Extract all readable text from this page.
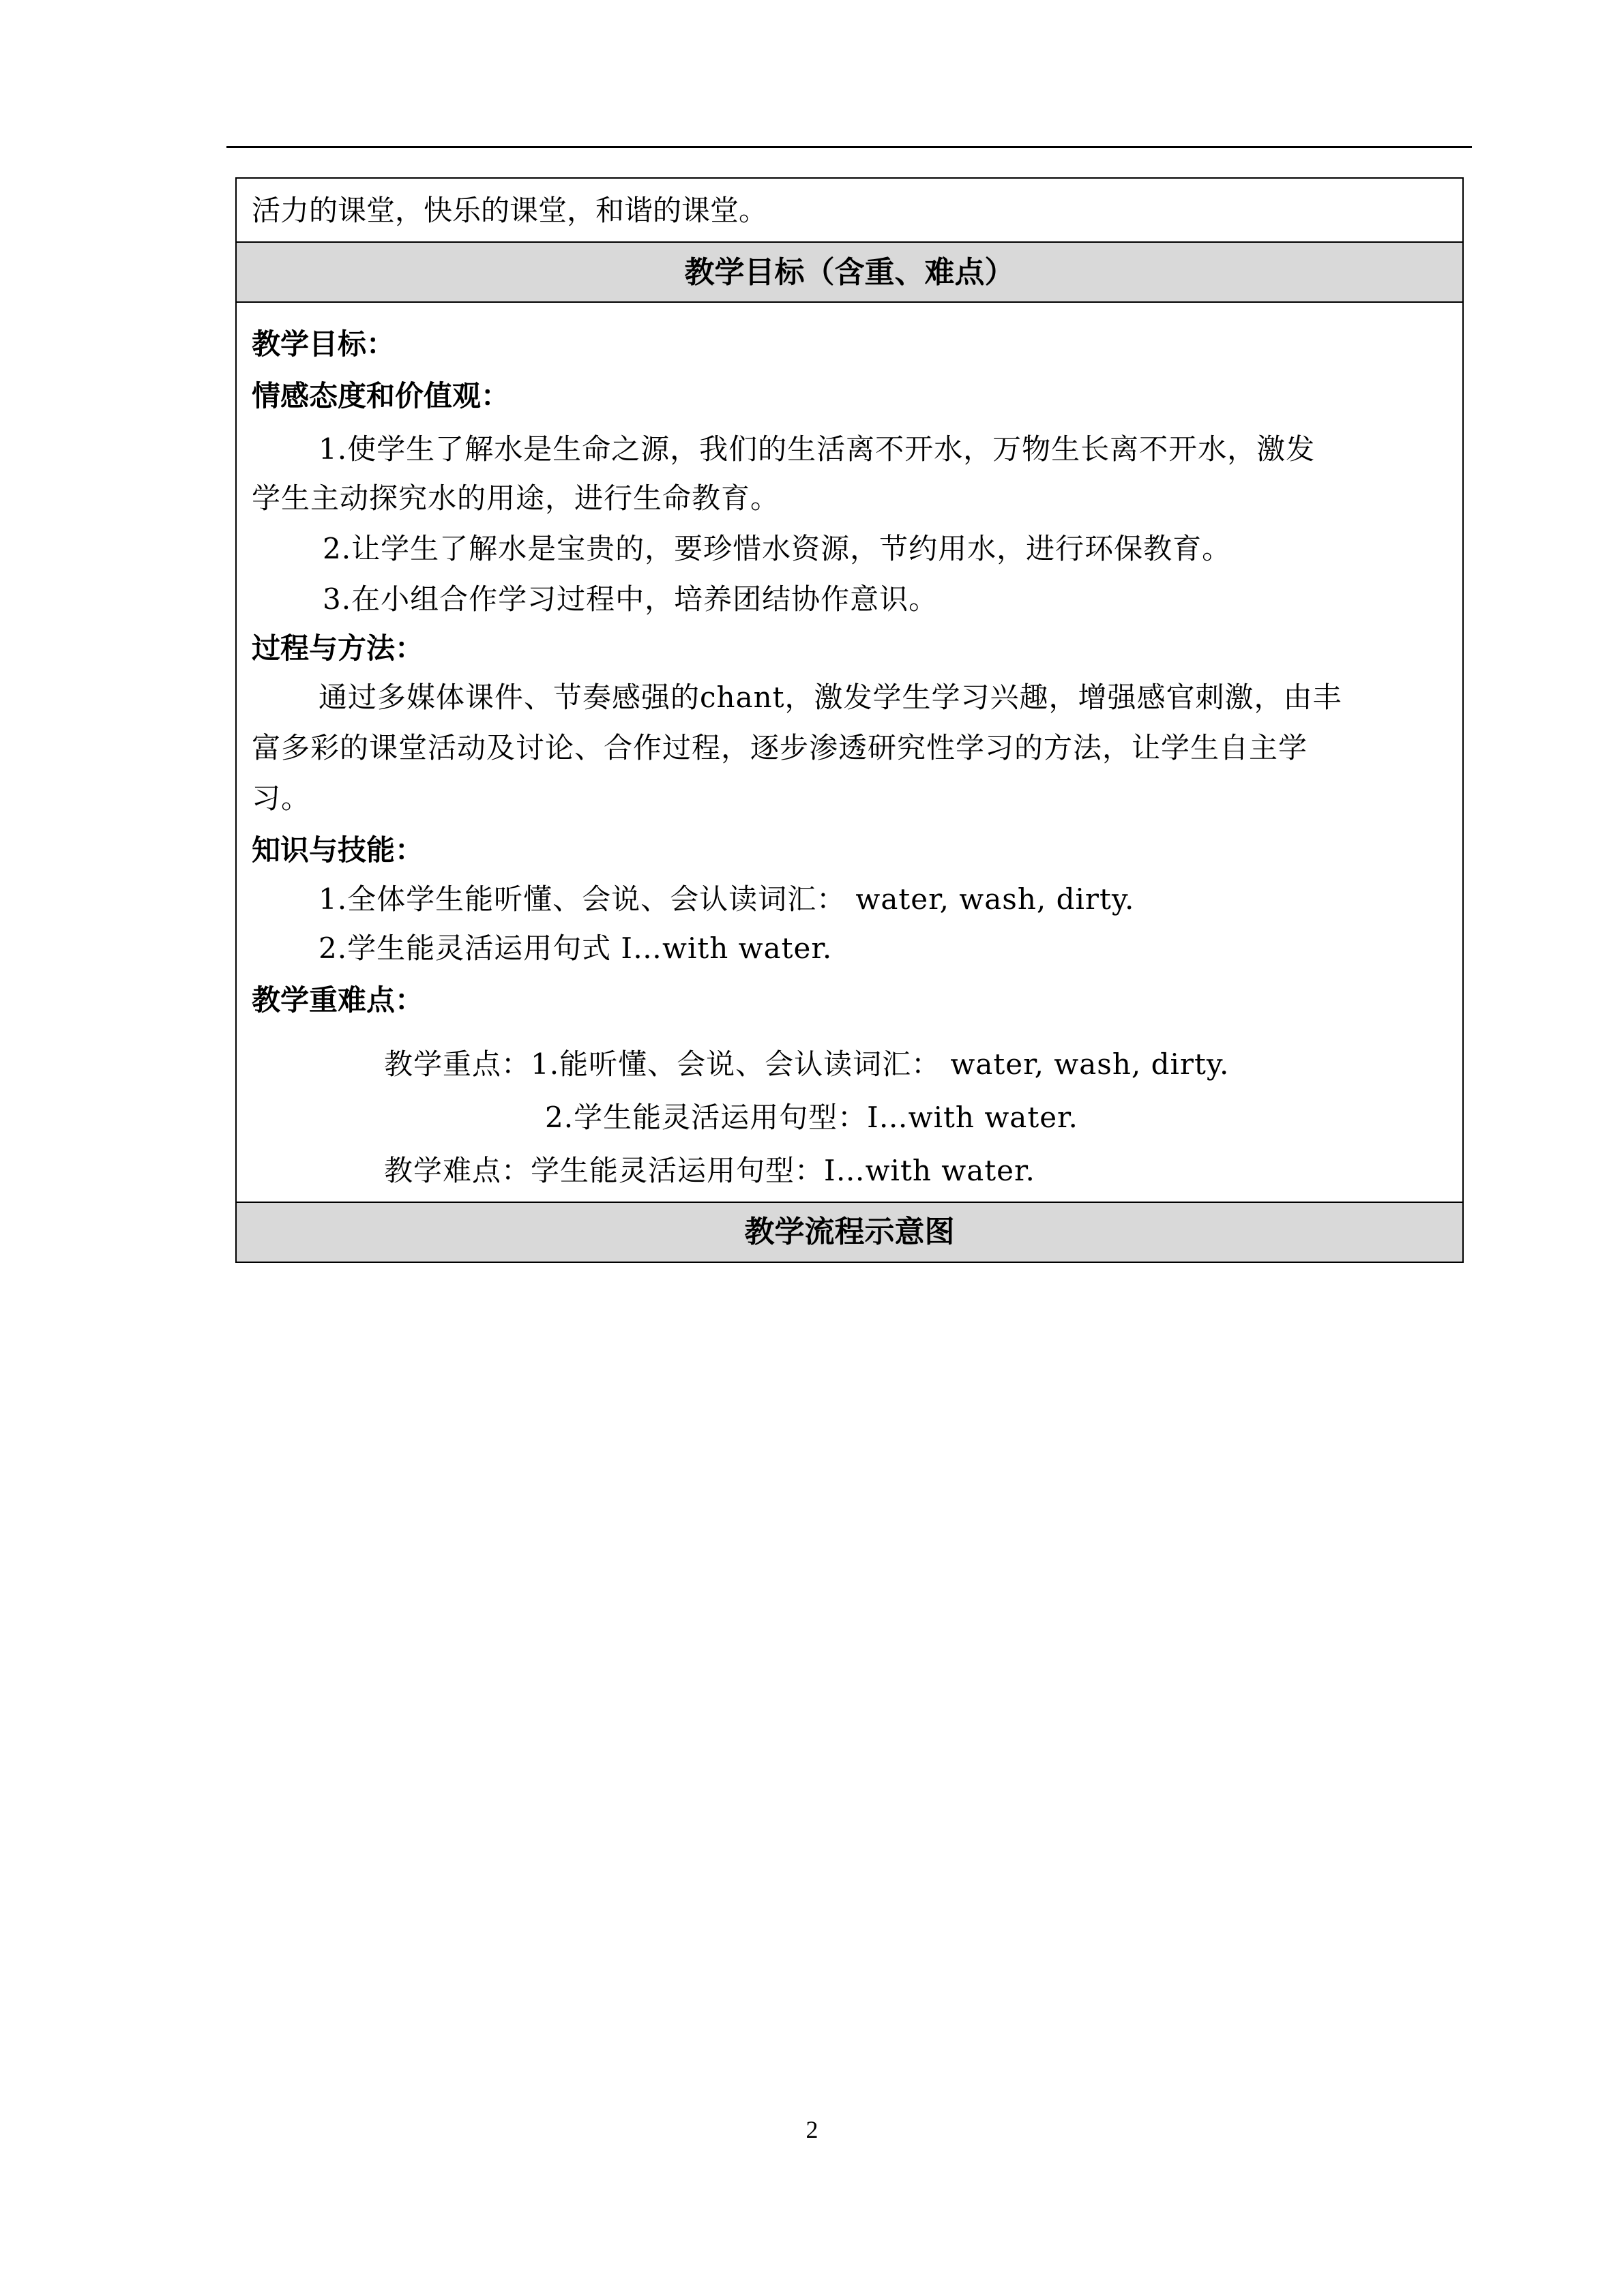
活力的课堂，快乐的课堂，和谐的课堂。
教学目标（含重、难点）
教学目标：
情感态度和价值观：
1.使学生了解水是生命之源，我们的生活离不开水，万物生长离不开水，激发
学生主动探究水的用途，进行生命教育。
2.让学生了解水是宝贵的，要珍惜水资源，节约用水，进行环保教育。
3.在小组合作学习过程中，培养团结协作意识。
过程与方法：
通过多媒体课件、节奏感强的chant，激发学生学习兴趣，增强感官刺激，由丰
富多彩的课堂活动及讨论、合作过程，逐步渗透研究性学习的方法，让学生自主学
习。
知识与技能：
1.全体学生能听懂、会说、会认读词汇： water, wash, dirty.
2.学生能灵活运用句式 I…with water.
教学重难点：
教学重点：1.能听懂、会说、会认读词汇： water, wash, dirty.
2.学生能灵活运用句型：I…with water.
教学难点：学生能灵活运用句型：I…with water.
教学流程示意图
2
